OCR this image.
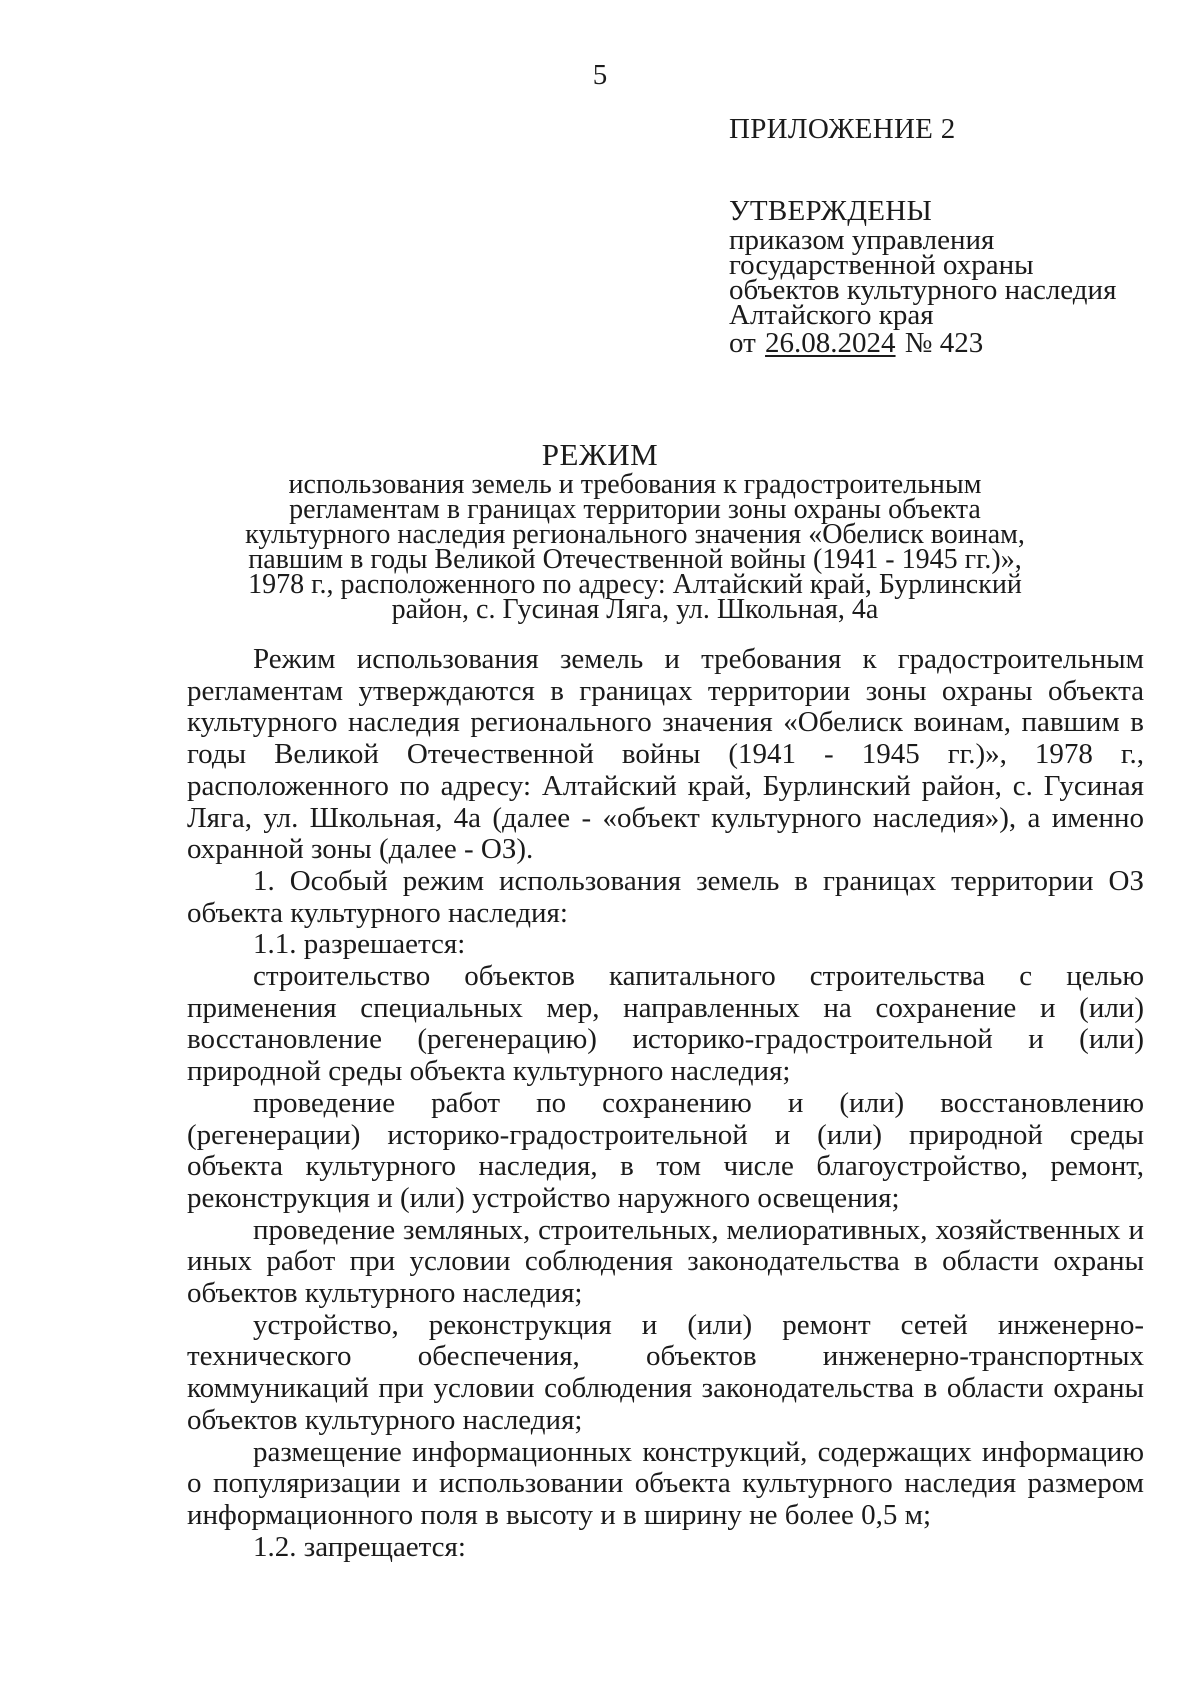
5
ПРИЛОЖЕНИЕ 2
УТВЕРЖДЕНЫ
приказом управления
государственной охраны
объектов культурного наследия
Алтайского края
от 26.08.2024 № 423
РЕЖИМ
использования земель и требования к градостроительным
регламентам в границах территории зоны охраны объекта
культурного наследия регионального значения «Обелиск воинам,
павшим в годы Великой Отечественной войны (1941 - 1945 гг.)»,
1978 г., расположенного по адресу: Алтайский край, Бурлинский
район, с. Гусиная Ляга, ул. Школьная, 4а

Режим использования земель и требования к градостроительным регламентам утверждаются в границах территории зоны охраны объекта культурного наследия регионального значения «Обелиск воинам, павшим в годы Великой Отечественной войны (1941 - 1945 гг.)», 1978 г., расположенного по адресу: Алтайский край, Бурлинский район, с. Гусиная Ляга, ул. Школьная, 4а (далее - «объект культурного наследия»), а именно охранной зоны (далее - ОЗ).

1. Особый режим использования земель в границах территории ОЗ объекта культурного наследия:

1.1. разрешается:

строительство объектов капитального строительства с целью применения специальных мер, направленных на сохранение и (или) восстановление (регенерацию) историко-градостроительной и (или) природной среды объекта культурного наследия;

проведение работ по сохранению и (или) восстановлению (регенерации) историко-градостроительной и (или) природной среды объекта культурного наследия, в том числе благоустройство, ремонт, реконструкция и (или) устройство наружного освещения;

проведение земляных, строительных, мелиоративных, хозяйственных и иных работ при условии соблюдения законодательства в области охраны объектов культурного наследия;

устройство, реконструкция и (или) ремонт сетей инженерно-технического обеспечения, объектов инженерно-транспортных коммуникаций при условии соблюдения законодательства в области охраны объектов культурного наследия;

размещение информационных конструкций, содержащих информацию о популяризации и использовании объекта культурного наследия размером информационного поля в высоту и в ширину не более 0,5 м;

1.2. запрещается:
